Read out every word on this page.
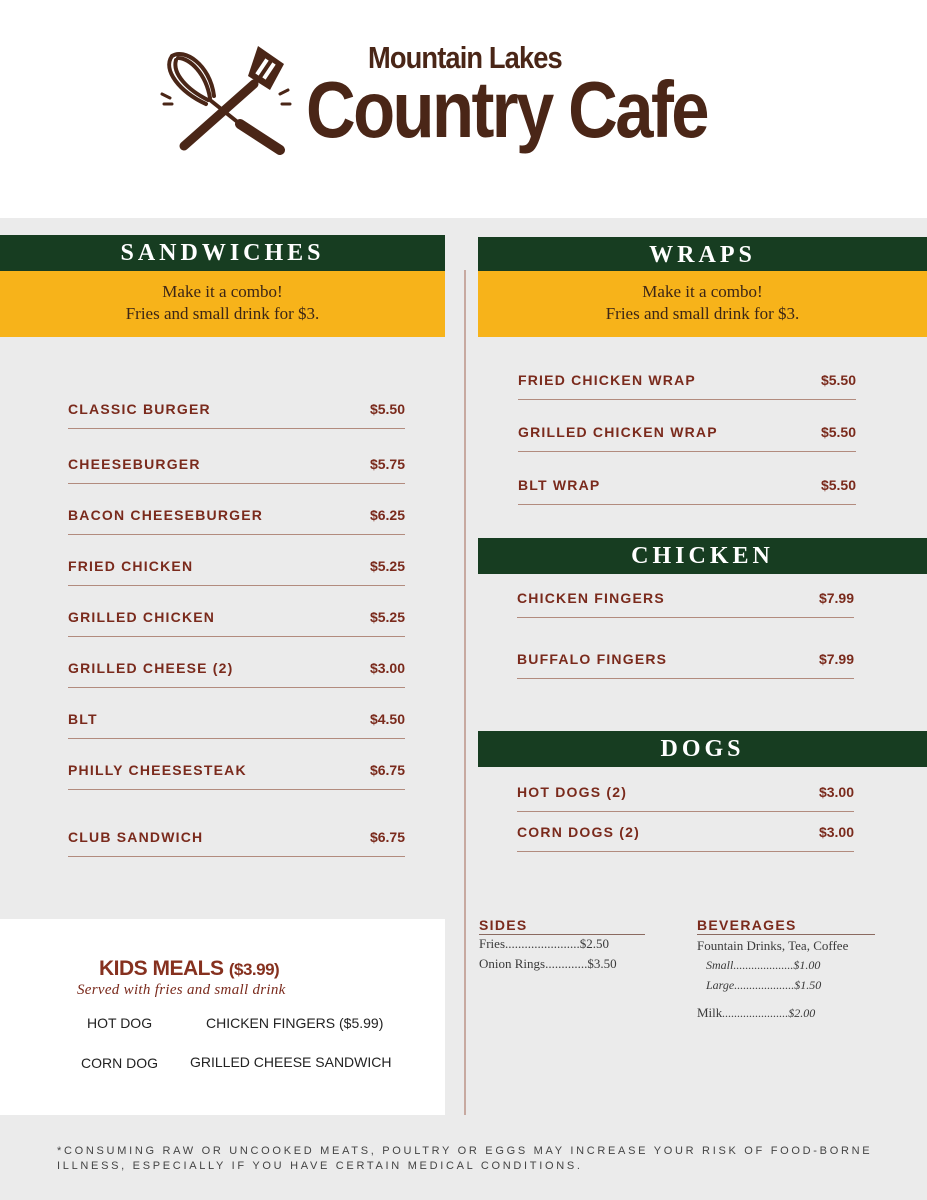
Mountain Lakes
Country Cafe
SANDWICHES
Make it a combo!
Fries and small drink for $3.
CLASSIC BURGER	$5.50
CHEESEBURGER	$5.75
BACON CHEESEBURGER	$6.25
FRIED CHICKEN	$5.25
GRILLED CHICKEN	$5.25
GRILLED CHEESE (2)	$3.00
BLT	$4.50
PHILLY CHEESESTEAK	$6.75
CLUB SANDWICH	$6.75
WRAPS
Make it a combo!
Fries and small drink for $3.
FRIED CHICKEN WRAP	$5.50
GRILLED CHICKEN WRAP	$5.50
BLT WRAP	$5.50
CHICKEN
CHICKEN FINGERS	$7.99
BUFFALO FINGERS	$7.99
DOGS
HOT DOGS (2)	$3.00
CORN DOGS (2)	$3.00
KIDS MEALS ($3.99)
Served with fries and small drink
HOT DOG	CHICKEN FINGERS ($5.99)
CORN DOG GRILLED CHEESE SANDWICH
SIDES
Fries.......................$2.50
Onion Rings.............$3.50
BEVERAGES
Fountain Drinks, Tea, Coffee
Small....................$1.00
Large....................$1.50
Milk......................$2.00
*CONSUMING RAW OR UNCOOKED MEATS, POULTRY OR EGGS MAY INCREASE YOUR RISK OF FOOD-BORNE ILLNESS, ESPECIALLY IF YOU HAVE CERTAIN MEDICAL CONDITIONS.
